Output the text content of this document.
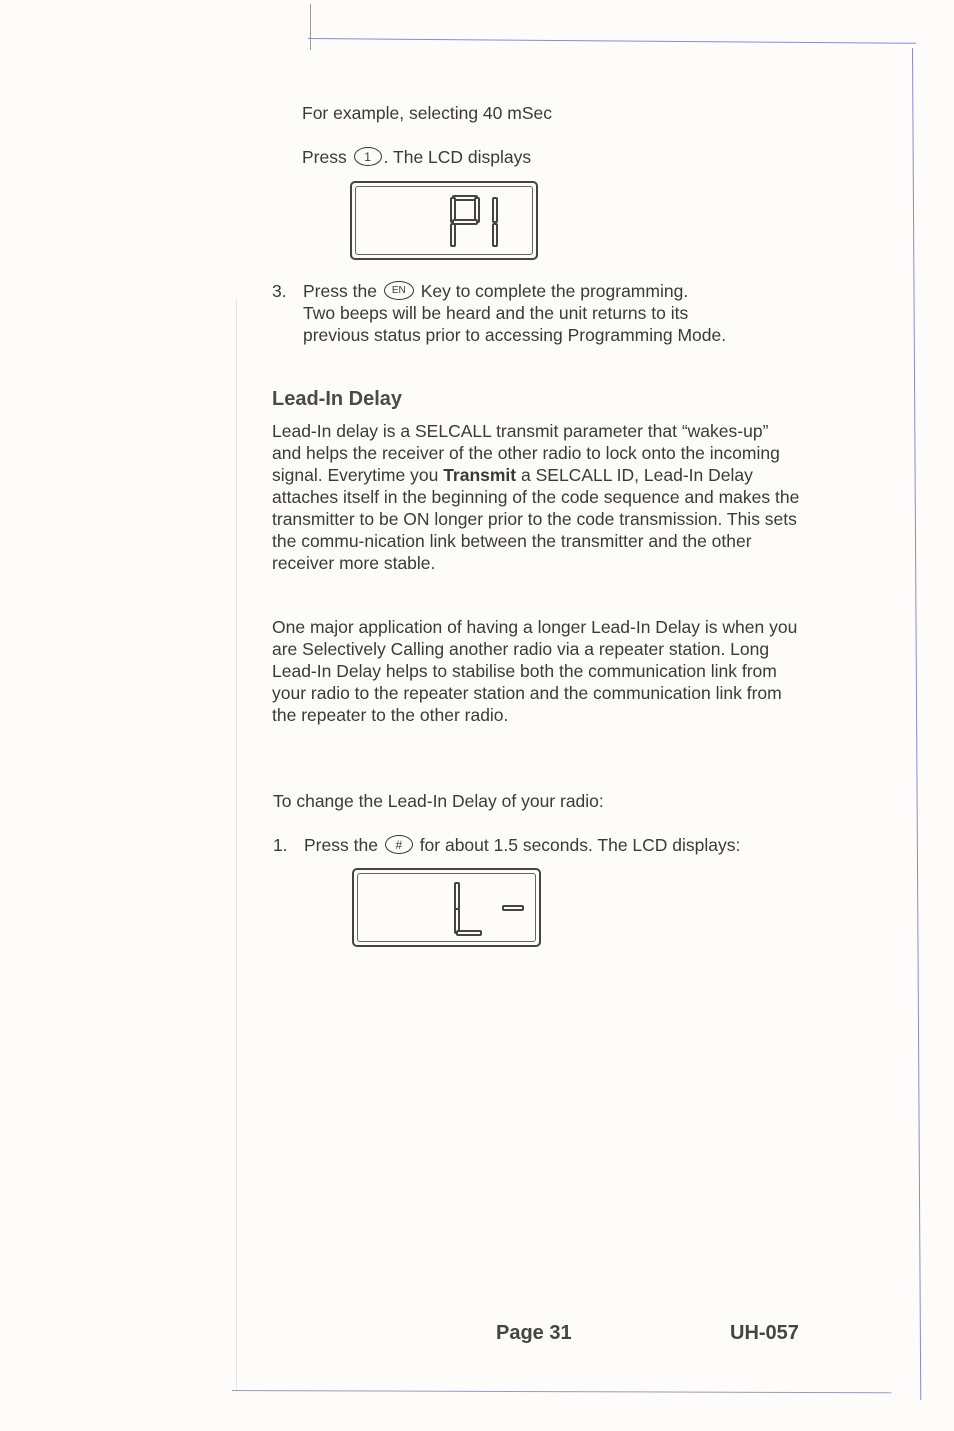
For example, selecting 40 mSec
Press 1 . The LCD displays
3. Press the EN Key to complete the programming.
Two beeps will be heard and the unit returns to its
previous status prior to accessing Programming Mode.
Lead-In Delay
Lead-In delay is a SELCALL transmit parameter that “wakes-up” and helps the receiver of the other radio to lock onto the incoming signal. Everytime you Transmit a SELCALL ID, Lead-In Delay attaches itself in the beginning of the code sequence and makes the transmitter to be ON longer prior to the code transmission. This sets the commu-nication link between the transmitter and the other receiver more stable.
One major application of having a longer Lead-In Delay is when you are Selectively Calling another radio via a repeater station. Long Lead-In Delay helps to stabilise both the communication link from your radio to the repeater station and the communication link from the repeater to the other radio.
To change the Lead-In Delay of your radio:
1. Press the # for about 1.5 seconds. The LCD displays:
Page 31	UH-057
